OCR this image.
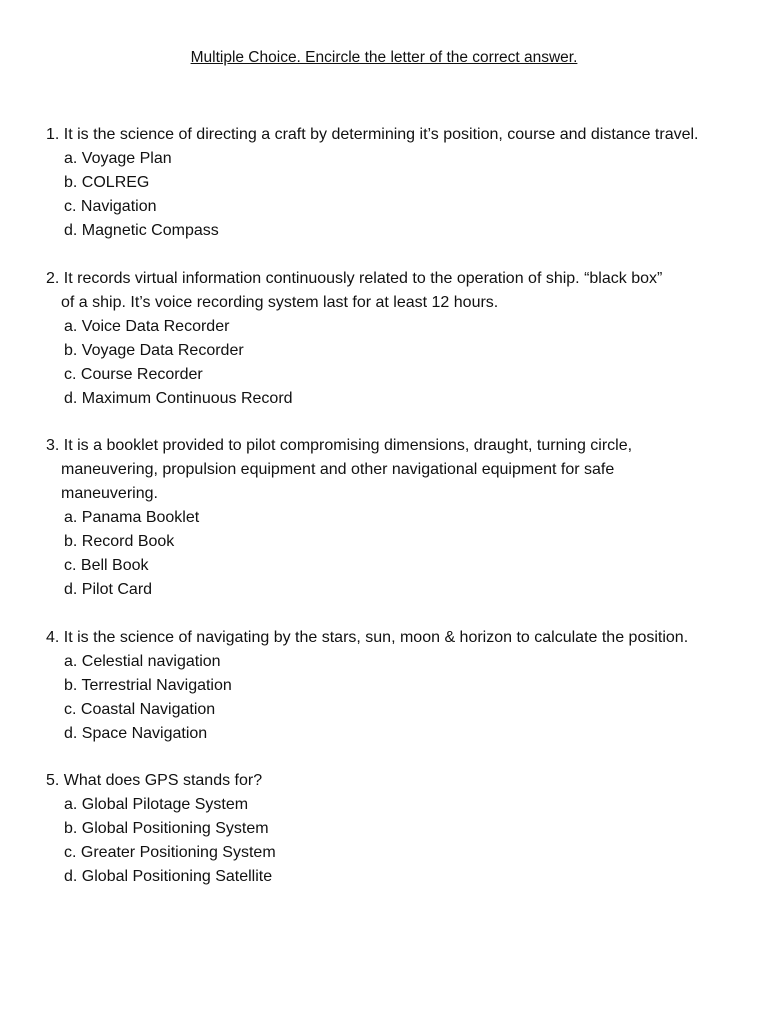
Multiple Choice. Encircle the letter of the correct answer.
1. It is the science of directing a craft by determining it’s position, course and distance travel.
a. Voyage Plan
b. COLREG
c. Navigation
d. Magnetic Compass
2. It records virtual information continuously related to the operation of ship. “black box”
of a ship. It’s voice recording system last for at least 12 hours.
a. Voice Data Recorder
b. Voyage Data Recorder
c. Course Recorder
d. Maximum Continuous Record
3. It is a booklet provided to pilot compromising dimensions, draught, turning circle,
maneuvering, propulsion equipment and other navigational equipment for safe
maneuvering.
a. Panama Booklet
b. Record Book
c. Bell Book
d. Pilot Card
4. It is the science of navigating by the stars, sun, moon & horizon to calculate the position.
a. Celestial navigation
b. Terrestrial Navigation
c. Coastal Navigation
d. Space Navigation
5. What does GPS stands for?
a. Global Pilotage System
b. Global Positioning System
c. Greater Positioning System
d. Global Positioning Satellite
